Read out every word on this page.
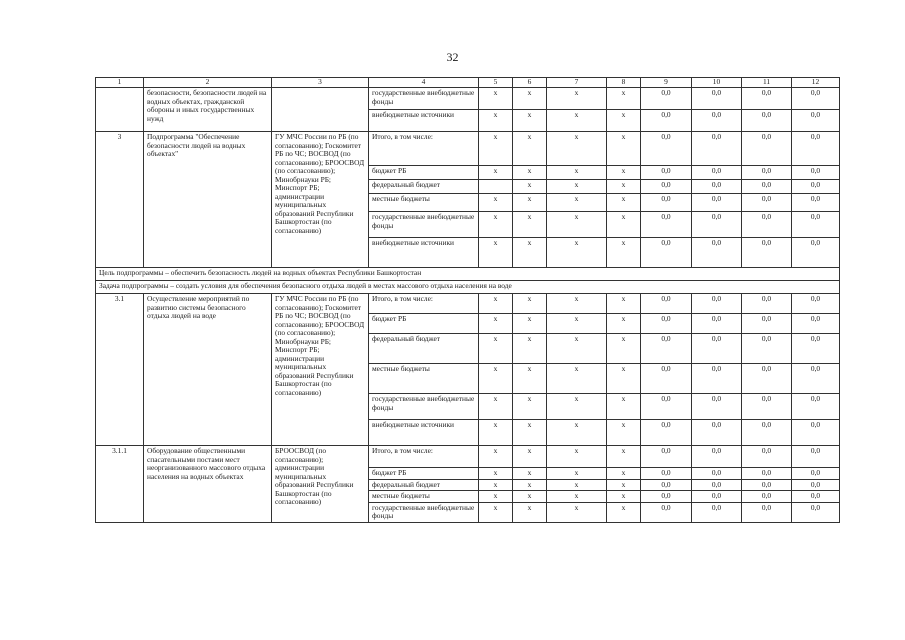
32
1	2	3	4	5	6	7	8	9	10	11	12
	безопасности, безопасности людей на водных объектах, гражданской обороны и иных государственных нужд		государственные внебюджетные фонды	x	x	x	x	0,0	0,0	0,0	0,0
			внебюджетные источники	x	x	x	x	0,0	0,0	0,0	0,0
3	Подпрограмма "Обеспечение безопасности людей на водных объектах"	ГУ МЧС России по РБ (по согласованию); Госкомитет РБ по ЧС; ВОСВОД (по согласованию); БРООСВОД (по согласованию); Минобрнауки РБ; Минспорт РБ; администрации муниципальных образований Республики Башкортостан (по согласованию)	Итого, в том числе:	x	x	x	x	0,0	0,0	0,0	0,0
			бюджет РБ	x	x	x	x	0,0	0,0	0,0	0,0
			федеральный бюджет		x	x	x	0,0	0,0	0,0	0,0
			местные бюджеты	x	x	x	x	0,0	0,0	0,0	0,0
			государственные внебюджетные фонды	x	x	x	x	0,0	0,0	0,0	0,0
			внебюджетные источники	x	x	x	x	0,0	0,0	0,0	0,0
Цель подпрограммы – обеспечить безопасность людей на водных объектах Республики Башкортостан											
Задача подпрограммы – создать условия для обеспечения безопасного отдыха людей в местах массового отдыха населения на воде											
3.1	Осуществление мероприятий по развитию системы безопасного отдыха людей на воде	ГУ МЧС России по РБ (по согласованию); Госкомитет РБ по ЧС; ВОСВОД (по согласованию); БРООСВОД (по согласованию); Минобрнауки РБ; Минспорт РБ; администрации муниципальных образований Республики Башкортостан (по согласованию)	Итого, в том числе:	x	x	x	x	0,0	0,0	0,0	0,0
			бюджет РБ	x	x	x	x	0,0	0,0	0,0	0,0
			федеральный бюджет	x	x	x	x	0,0	0,0	0,0	0,0
			местные бюджеты	x	x	x	x	0,0	0,0	0,0	0,0
			государственные внебюджетные фонды	x	x	x	x	0,0	0,0	0,0	0,0
			внебюджетные источники	x	x	x	x	0,0	0,0	0,0	0,0
3.1.1	Оборудование общественными спасательными постами мест неорганизованного массового отдыха населения на водных объектах	БРООСВОД (по согласованию); администрации муниципальных образований Республики Башкортостан (по согласованию)	Итого, в том числе:	x	x	x	x	0,0	0,0	0,0	0,0
			бюджет РБ	x	x	x	x	0,0	0,0	0,0	0,0
			федеральный бюджет	x	x	x	x	0,0	0,0	0,0	0,0
			местные бюджеты	x	x	x	x	0,0	0,0	0,0	0,0
			государственные внебюджетные фонды	x	x	x	x	0,0	0,0	0,0	0,0
